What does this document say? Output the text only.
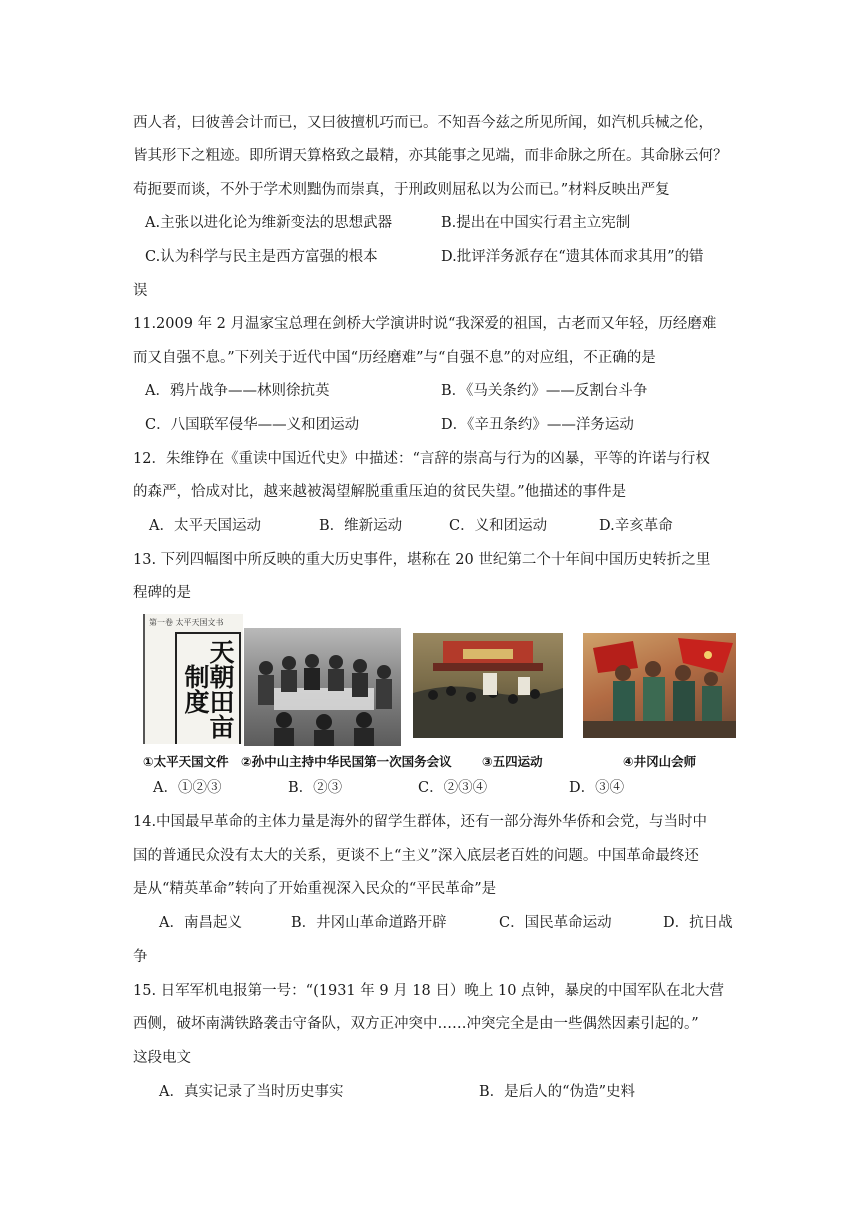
西人者，曰彼善会计而已，又曰彼擅机巧而已。不知吾今兹之所见所闻，如汽机兵械之伦，
皆其形下之粗迹。即所谓天算格致之最精，亦其能事之见端，而非命脉之所在。其命脉云何？
苟扼要而谈，不外于学术则黜伪而崇真，于刑政则屈私以为公而已。”材料反映出严复
A.主张以进化论为维新变法的思想武器	B.提出在中国实行君主立宪制
C.认为科学与民主是西方富强的根本	D.批评洋务派存在“遗其体而求其用”的错
误
11.2009 年 2 月温家宝总理在剑桥大学演讲时说“我深爱的祖国，古老而又年轻，历经磨难
而又自强不息。”下列关于近代中国“历经磨难”与“自强不息”的对应组，不正确的是
A．鸦片战争——林则徐抗英	B．《马关条约》——反割台斗争
C．八国联军侵华——义和团运动	D．《辛丑条约》——洋务运动
12．朱维铮在《重读中国近代史》中描述：“言辞的崇高与行为的凶暴，平等的许诺与行权
的森严，恰成对比，越来越被渴望解脱重重压迫的贫民失望。”他描述的事件是
A．太平天国运动	B．维新运动	C．义和团运动	D.辛亥革命
13. 下列四幅图中所反映的重大历史事件，堪称在 20 世纪第二个十年间中国历史转折之里
程碑的是
第一卷 太平天国文书
天朝田亩制度
①太平天国文件 ②孙中山主持中华民国第一次国务会议 ③五四运动	④井冈山会师
A．①②③	B．②③	C．②③④	D．③④
14.中国最早革命的主体力量是海外的留学生群体，还有一部分海外华侨和会党，与当时中
国的普通民众没有太大的关系，更谈不上“主义”深入底层老百姓的问题。中国革命最终还
是从“精英革命”转向了开始重视深入民众的“平民革命”是
A．南昌起义	B．井冈山革命道路开辟	C．国民革命运动	D．抗日战
争
15. 日军军机电报第一号：“(1931 年 9 月 18 日）晚上 10 点钟，暴戾的中国军队在北大营
西侧，破坏南满铁路袭击守备队，双方正冲突中……冲突完全是由一些偶然因素引起的。”
这段电文
A．真实记录了当时历史事实	B．是后人的“伪造”史料
